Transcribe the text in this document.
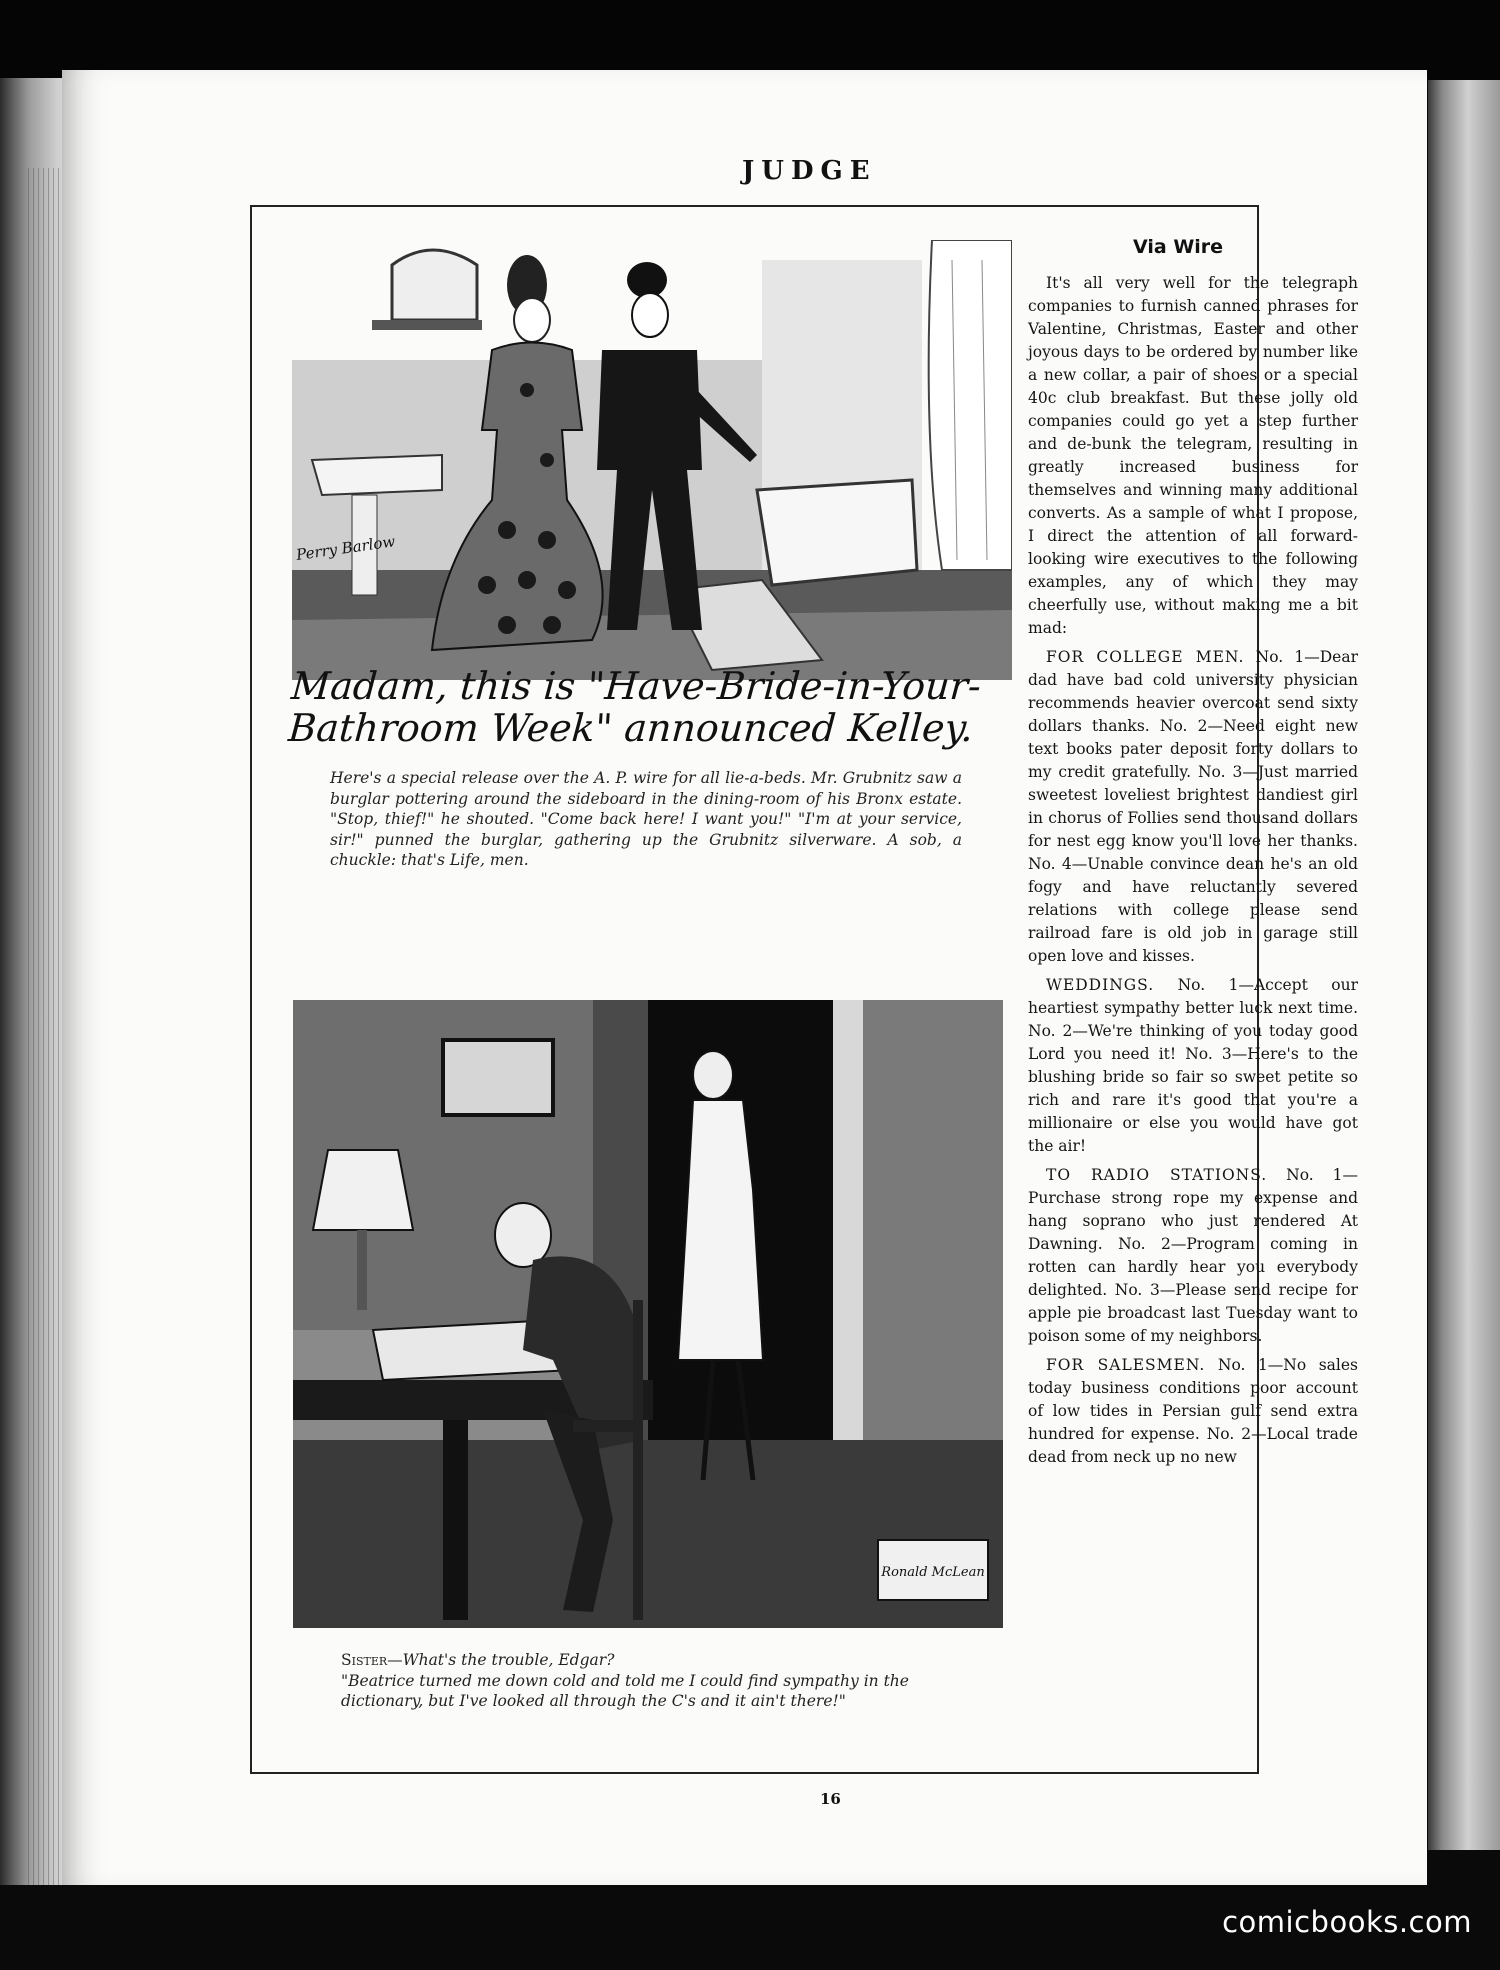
JUDGE
Perry Barlow
Madam, this is "Have-Bride-in-Your-Bathroom Week" announced Kelley.
Here's a special release over the A. P. wire for all lie-a-beds. Mr. Grubnitz saw a burglar pottering around the sideboard in the dining-room of his Bronx estate. "Stop, thief!" he shouted. "Come back here! I want you!" "I'm at your service, sir!" punned the burglar, gathering up the Grubnitz silverware. A sob, a chuckle: that's Life, men.
Ronald McLean
Sister—What's the trouble, Edgar?
"Beatrice turned me down cold and told me I could find sympathy in the dictionary, but I've looked all through the C's and it ain't there!"
Via Wire

It's all very well for the telegraph companies to furnish canned phrases for Valentine, Christmas, Easter and other joyous days to be ordered by number like a new collar, a pair of shoes or a special 40c club breakfast. But these jolly old companies could go yet a step further and de-bunk the telegram, resulting in greatly increased business for themselves and winning many additional converts. As a sample of what I propose, I direct the attention of all forward-looking wire executives to the following examples, any of which they may cheerfully use, without making me a bit mad:

FOR COLLEGE MEN. No. 1—Dear dad have bad cold university physician recommends heavier overcoat send sixty dollars thanks. No. 2—Need eight new text books pater deposit forty dollars to my credit gratefully. No. 3—Just married sweetest loveliest brightest dandiest girl in chorus of Follies send thousand dollars for nest egg know you'll love her thanks. No. 4—Unable convince dean he's an old fogy and have reluctantly severed relations with college please send railroad fare is old job in garage still open love and kisses.

WEDDINGS. No. 1—Accept our heartiest sympathy better luck next time. No. 2—We're thinking of you today good Lord you need it! No. 3—Here's to the blushing bride so fair so sweet petite so rich and rare it's good that you're a millionaire or else you would have got the air!

TO RADIO STATIONS. No. 1—Purchase strong rope my expense and hang soprano who just rendered At Dawning. No. 2—Program coming in rotten can hardly hear you everybody delighted. No. 3—Please send recipe for apple pie broadcast last Tuesday want to poison some of my neighbors.

FOR SALESMEN. No. 1—No sales today business conditions poor account of low tides in Persian gulf send extra hundred for expense. No. 2—Local trade dead from neck up no new

16
comicbooks.com
